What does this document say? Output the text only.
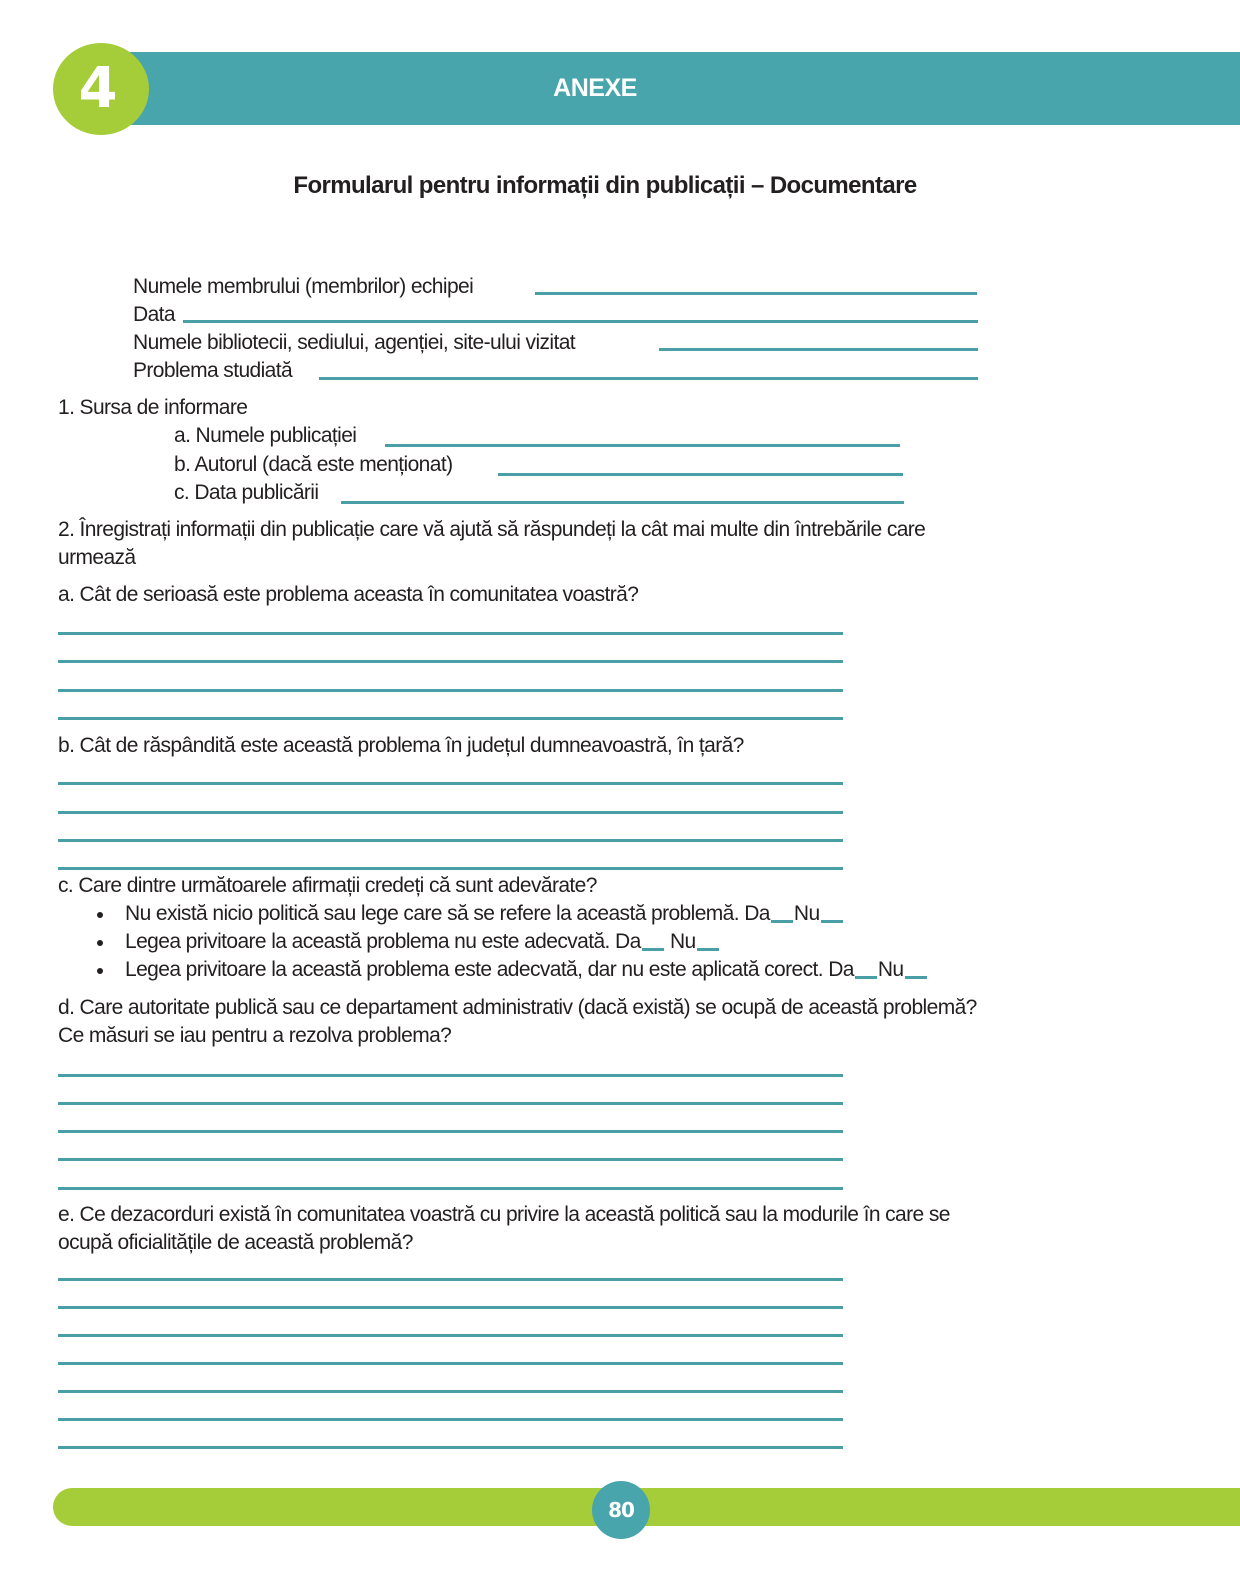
ANEXE
4
Formularul pentru informații din publicații – Documentare
Numele membrului (membrilor) echipei
Data
Numele bibliotecii, sediului, agenției, site-ului vizitat
Problema studiată
1. Sursa de informare
a. Numele publicației
b. Autorul (dacă este menționat)
c. Data publicării
2. Înregistrați informații din publicație care vă ajută să răspundeți la cât mai multe din întrebările care
urmează
a. Cât de serioasă este problema aceasta în comunitatea voastră?
b. Cât de răspândită este această problema în județul dumneavoastră, în țară?
c. Care dintre următoarele afirmații credeți că sunt adevărate?
Nu există nicio politică sau lege care să se refere la această problemă. Da Nu
Legea privitoare la această problema nu este adecvată. Da Nu
Legea privitoare la această problema este adecvată, dar nu este aplicată corect. Da Nu
d. Care autoritate publică sau ce departament administrativ (dacă există) se ocupă de această problemă?
Ce măsuri se iau pentru a rezolva problema?
e. Ce dezacorduri există în comunitatea voastră cu privire la această politică sau la modurile în care se
ocupă oficialitățile de această problemă?
80
